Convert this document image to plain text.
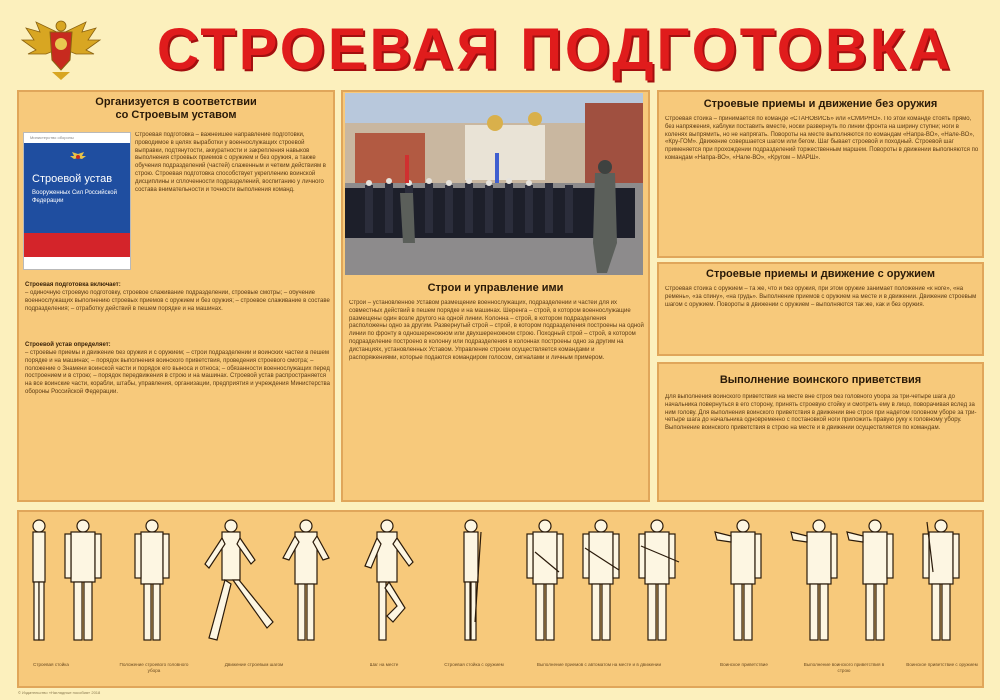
СТРОЕВАЯ ПОДГОТОВКА
Организуется в соответствии
со Строевым уставом
Министерство обороны
Строевой устав
Вооруженных Сил Российской Федерации
Строевая подготовка – важнейшее направление подготовки, проводимое в целях выработки у военнослужащих строевой выправки, подтянутости, аккуратности и закрепления навыков выполнения строевых приемов с оружием и без оружия, а также обучения подразделений (частей) слаженным и четким действиям в строю. Строевая подготовка способствует укреплению воинской дисциплины и сплоченности подразделений, воспитанию у личного состава внимательности и точности выполнения команд.
Строевая подготовка включает:
– одиночную строевую подготовку, строевое слаживание подразделений, строевые смотры; – обучение военнослужащих выполнению строевых приемов с оружием и без оружия; – строевое слаживание в составе подразделения; – отработку действий в пешем порядке и на машинах.
Строевой устав определяет:
– строевые приемы и движение без оружия и с оружием; – строи подразделений и воинских частей в пешем порядке и на машинах; – порядок выполнения воинского приветствия, проведения строевого смотра; – положение о Знамени воинской части и порядок его выноса и относа; – обязанности военнослужащих перед построением и в строю; – порядок передвижения в строю и на машинах. Строевой устав распространяется на все воинские части, корабли, штабы, управления, организации, предприятия и учреждения Министерства обороны Российской Федерации.
Строи и управление ими
Строй – установленное Уставом размещение военнослужащих, подразделений и частей для их совместных действий в пешем порядке и на машинах. Шеренга – строй, в котором военнослужащие размещены один возле другого на одной линии. Колонна – строй, в котором подразделения расположены одно за другим. Развернутый строй – строй, в котором подразделения построены на одной линии по фронту в одношереножном или двухшереножном строю. Походный строй – строй, в котором подразделение построено в колонну или подразделения в колоннах построены одно за другим на дистанциях, установленных Уставом. Управление строем осуществляется командами и распоряжениями, которые подаются командиром голосом, сигналами и личным примером.
Строевые приемы и движение без оружия
Строевая стойка – принимается по команде «СТАНОВИСЬ» или «СМИРНО». По этой команде стоять прямо, без напряжения, каблуки поставить вместе, носки развернуть по линии фронта на ширину ступни; ноги в коленях выпрямить, но не напрягать. Повороты на месте выполняются по командам «Напра-ВО», «Нале-ВО», «Кру-ГОМ». Движение совершается шагом или бегом. Шаг бывает строевой и походный. Строевой шаг применяется при прохождении подразделений торжественным маршем. Повороты в движении выполняются по командам «Напра-ВО», «Нале-ВО», «Кругом – МАРШ».
Строевые приемы и движение с оружием
Строевая стойка с оружием – та же, что и без оружия, при этом оружие занимает положение «к ноге», «на ремень», «за спину», «на грудь». Выполнение приемов с оружием на месте и в движении. Движение строевым шагом с оружием. Повороты в движении с оружием – выполняются так же, как и без оружия.
Выполнение воинского приветствия
Для выполнения воинского приветствия на месте вне строя без головного убора за три-четыре шага до начальника повернуться в его сторону, принять строевую стойку и смотреть ему в лицо, поворачивая вслед за ним голову. Для выполнения воинского приветствия в движении вне строя при надетом головном уборе за три-четыре шага до начальника одновременно с постановкой ноги приложить правую руку к головному убору. Выполнение воинского приветствия в строю на месте и в движении осуществляется по командам.
Строевая стойка	Положение строевого головного убора
Движение строевым шагом	Шаг на месте	Строевая стойка с оружием	Выполнение приемов с автоматом на месте и в движении	Воинское приветствие	Выполнение воинского приветствия в строю
Воинское приветствие с оружием
© Издательство «Наглядные пособия» 2018
